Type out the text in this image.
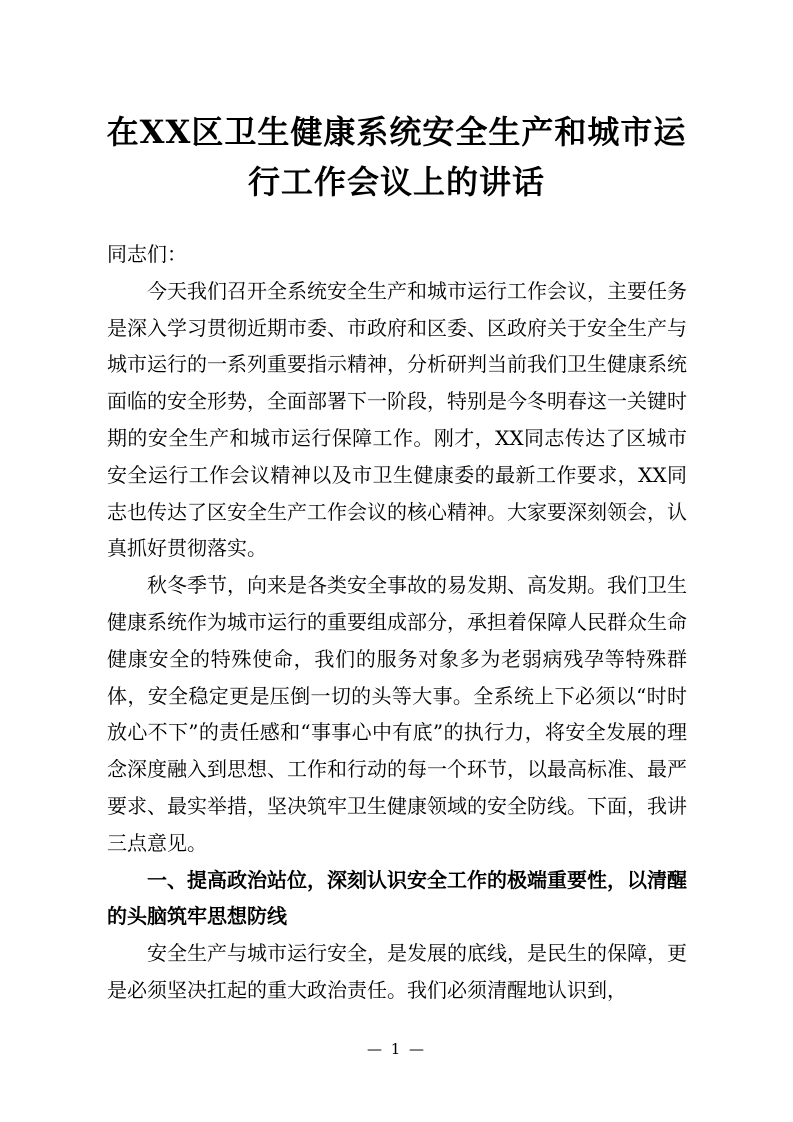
在XX区卫生健康系统安全生产和城市运行工作会议上的讲话

同志们：

今天我们召开全系统安全生产和城市运行工作会议，主要任务是深入学习贯彻近期市委、市政府和区委、区政府关于安全生产与城市运行的一系列重要指示精神，分析研判当前我们卫生健康系统面临的安全形势，全面部署下一阶段，特别是今冬明春这一关键时期的安全生产和城市运行保障工作。刚才，XX同志传达了区城市安全运行工作会议精神以及市卫生健康委的最新工作要求，XX同志也传达了区安全生产工作会议的核心精神。大家要深刻领会，认真抓好贯彻落实。

秋冬季节，向来是各类安全事故的易发期、高发期。我们卫生健康系统作为城市运行的重要组成部分，承担着保障人民群众生命健康安全的特殊使命，我们的服务对象多为老弱病残孕等特殊群体，安全稳定更是压倒一切的头等大事。全系统上下必须以“时时放心不下”的责任感和“事事心中有底”的执行力，将安全发展的理念深度融入到思想、工作和行动的每一个环节，以最高标准、最严要求、最实举措，坚决筑牢卫生健康领域的安全防线。下面，我讲三点意见。

一、提高政治站位，深刻认识安全工作的极端重要性，以清醒的头脑筑牢思想防线

安全生产与城市运行安全，是发展的底线，是民生的保障，更是必须坚决扛起的重大政治责任。我们必须清醒地认识到，

— 1 —
